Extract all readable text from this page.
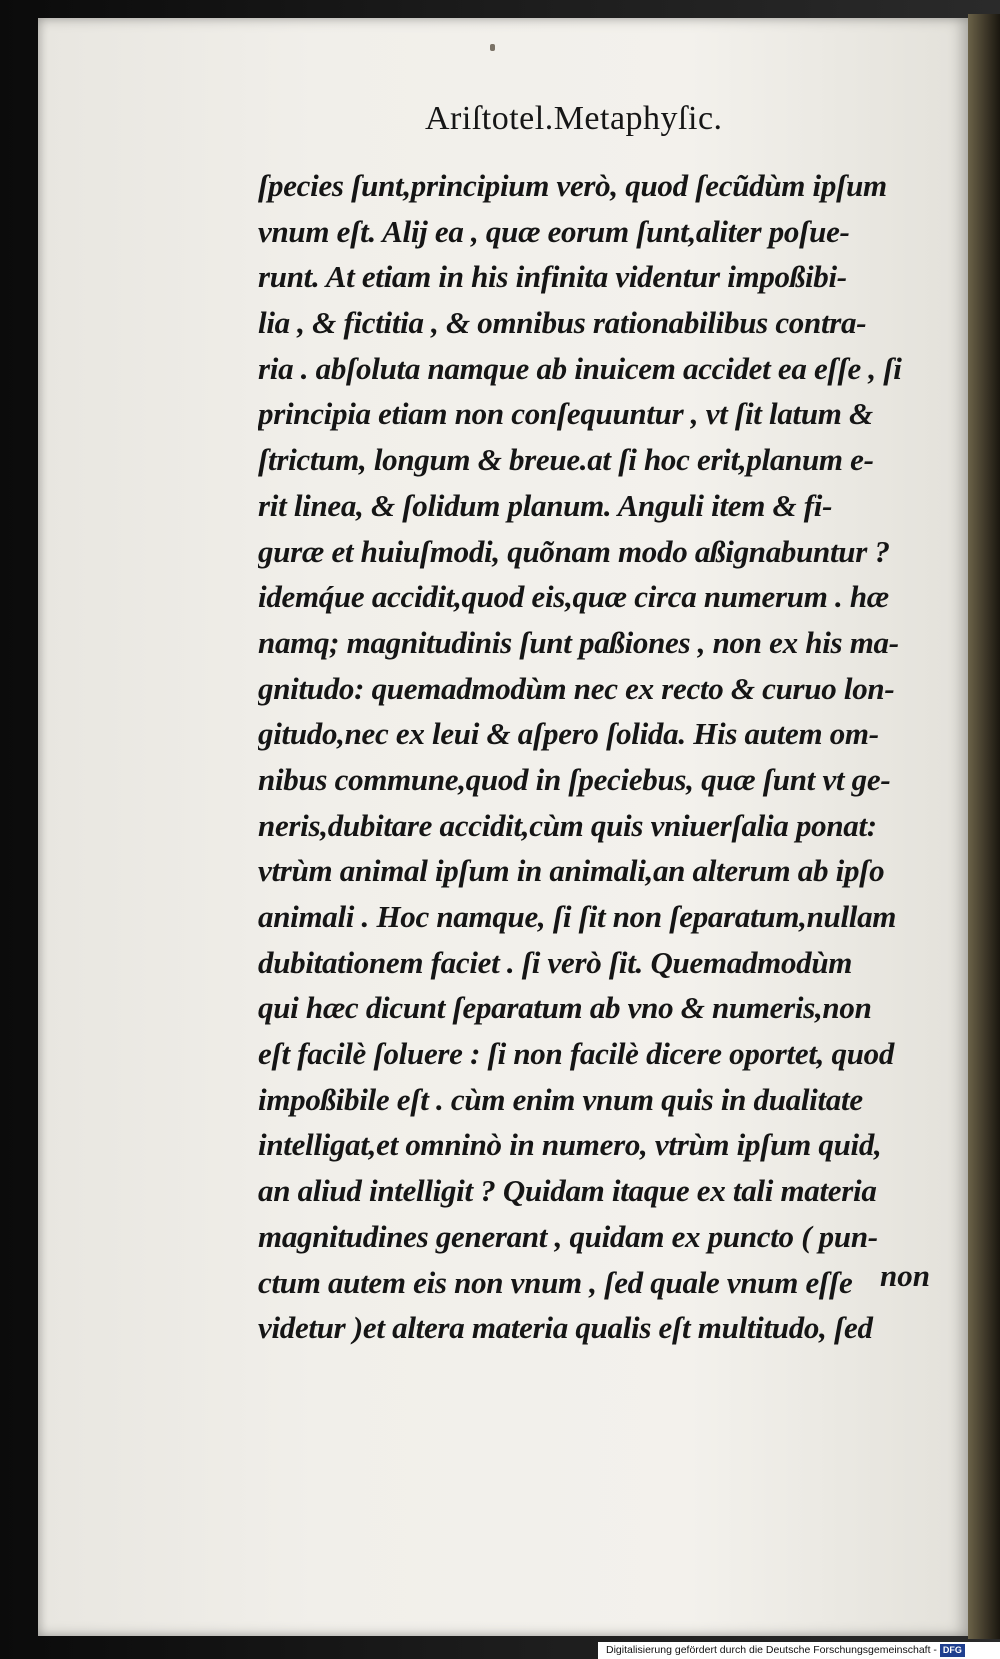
Ariſtotel.Metaphyſic.
ſpecies ſunt,principium verò, quod ſecũdùm ipſum
vnum eſt. Alij ea , quæ eorum ſunt,aliter poſue-
runt. At etiam in his infinita videntur impoßibi-
lia , & fictitia , & omnibus rationabilibus contra-
ria . abſoluta namque ab inuicem accidet ea eſſe , ſi
principia etiam non conſequuntur , vt ſit latum &
ſtrictum, longum & breue.at ſi hoc erit,planum e-
rit linea, & ſolidum planum. Anguli item & fi-
guræ et huiuſmodi, quõnam modo aßignabuntur ?
idemq́ue accidit,quod eis,quæ circa numerum . hæ
namq; magnitudinis ſunt paßiones , non ex his ma-
gnitudo: quemadmodùm nec ex recto & curuo lon-
gitudo,nec ex leui & aſpero ſolida. His autem om-
nibus commune,quod in ſpeciebus, quæ ſunt vt ge-
neris,dubitare accidit,cùm quis vniuerſalia ponat:
vtrùm animal ipſum in animali,an alterum ab ipſo
animali . Hoc namque, ſi ſit non ſeparatum,nullam
dubitationem faciet . ſi verò ſit. Quemadmodùm
qui hæc dicunt ſeparatum ab vno & numeris,non
eſt facilè ſoluere : ſi non facilè dicere oportet, quod
impoßibile eſt . cùm enim vnum quis in dualitate
intelligat,et omninò in numero, vtrùm ipſum quid,
an aliud intelligit ? Quidam itaque ex tali materia
magnitudines generant , quidam ex puncto ( pun-
ctum autem eis non vnum , ſed quale vnum eſſe
videtur )et altera materia qualis eſt multitudo, ſed
non
Digitalisierung gefördert durch die Deutsche Forschungsgemeinschaft - DFG
